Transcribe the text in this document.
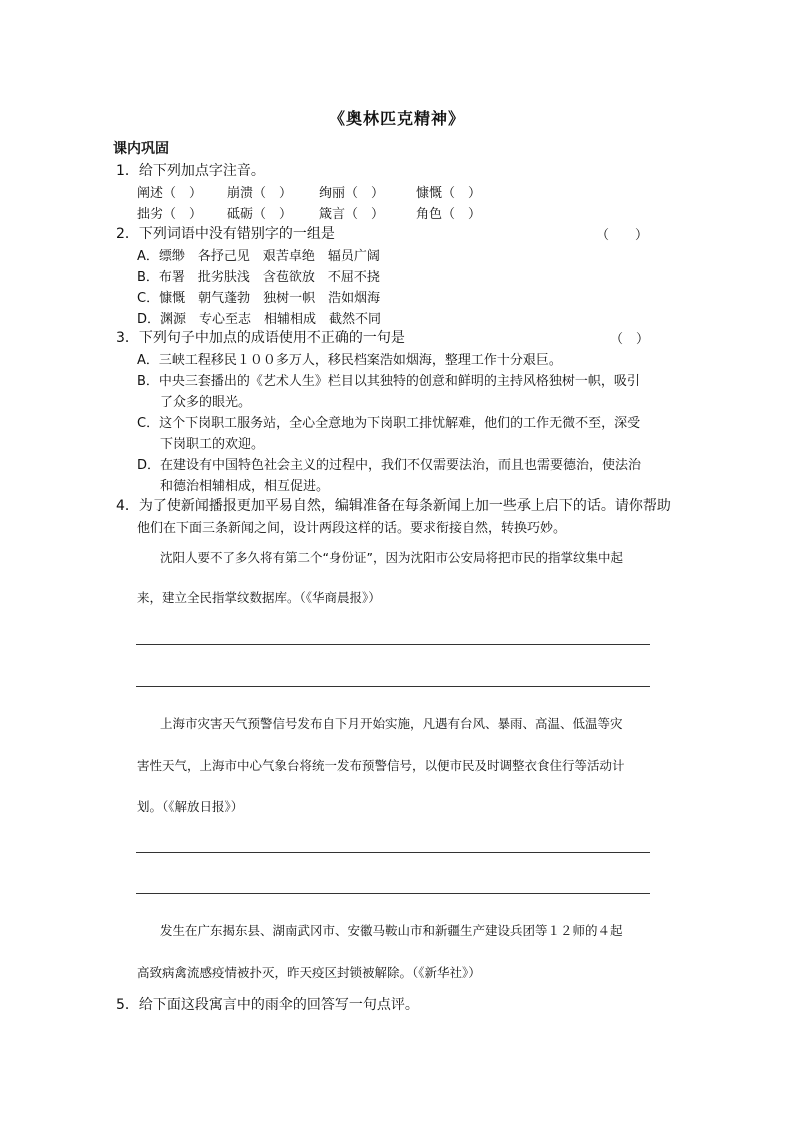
《奥林匹克精神》
课内巩固
1．给下列加点字注音。
阐述（　） 崩溃（　） 绚丽（　） 慷慨（　）
拙劣（　） 砥砺（　） 箴言（　） 角色（　）
2．下列词语中没有错别字的一组是	（　　）
A．缥缈　各抒己见　艰苦卓绝　辐员广阔
B．布署　批劣肤浅　含苞欲放　不屈不挠
C．慷慨　朝气蓬勃　独树一帜　浩如烟海
D．渊源　专心至志　相辅相成　截然不同
3．下列句子中加点的成语使用不正确的一句是	（　）
A．三峡工程移民１００多万人，移民档案浩如烟海，整理工作十分艰巨。
B．中央三套播出的《艺术人生》栏目以其独特的创意和鲜明的主持风格独树一帜，吸引
了众多的眼光。
C．这个下岗职工服务站，全心全意地为下岗职工排忧解难，他们的工作无微不至，深受
下岗职工的欢迎。
D．在建设有中国特色社会主义的过程中，我们不仅需要法治，而且也需要德治，使法治
和德治相辅相成，相互促进。
4．为了使新闻播报更加平易自然，编辑准备在每条新闻上加一些承上启下的话。请你帮助
他们在下面三条新闻之间，设计两段这样的话。要求衔接自然，转换巧妙。
沈阳人要不了多久将有第二个“身份证”，因为沈阳市公安局将把市民的指掌纹集中起
来，建立全民指掌纹数据库。（《华商晨报》）
上海市灾害天气预警信号发布自下月开始实施，凡遇有台风、暴雨、高温、低温等灾
害性天气，上海市中心气象台将统一发布预警信号，以便市民及时调整衣食住行等活动计
划。（《解放日报》）
发生在广东揭东县、湖南武冈市、安徽马鞍山市和新疆生产建设兵团等１２师的４起
高致病禽流感疫情被扑灭，昨天疫区封锁被解除。（《新华社》）
5．给下面这段寓言中的雨伞的回答写一句点评。
